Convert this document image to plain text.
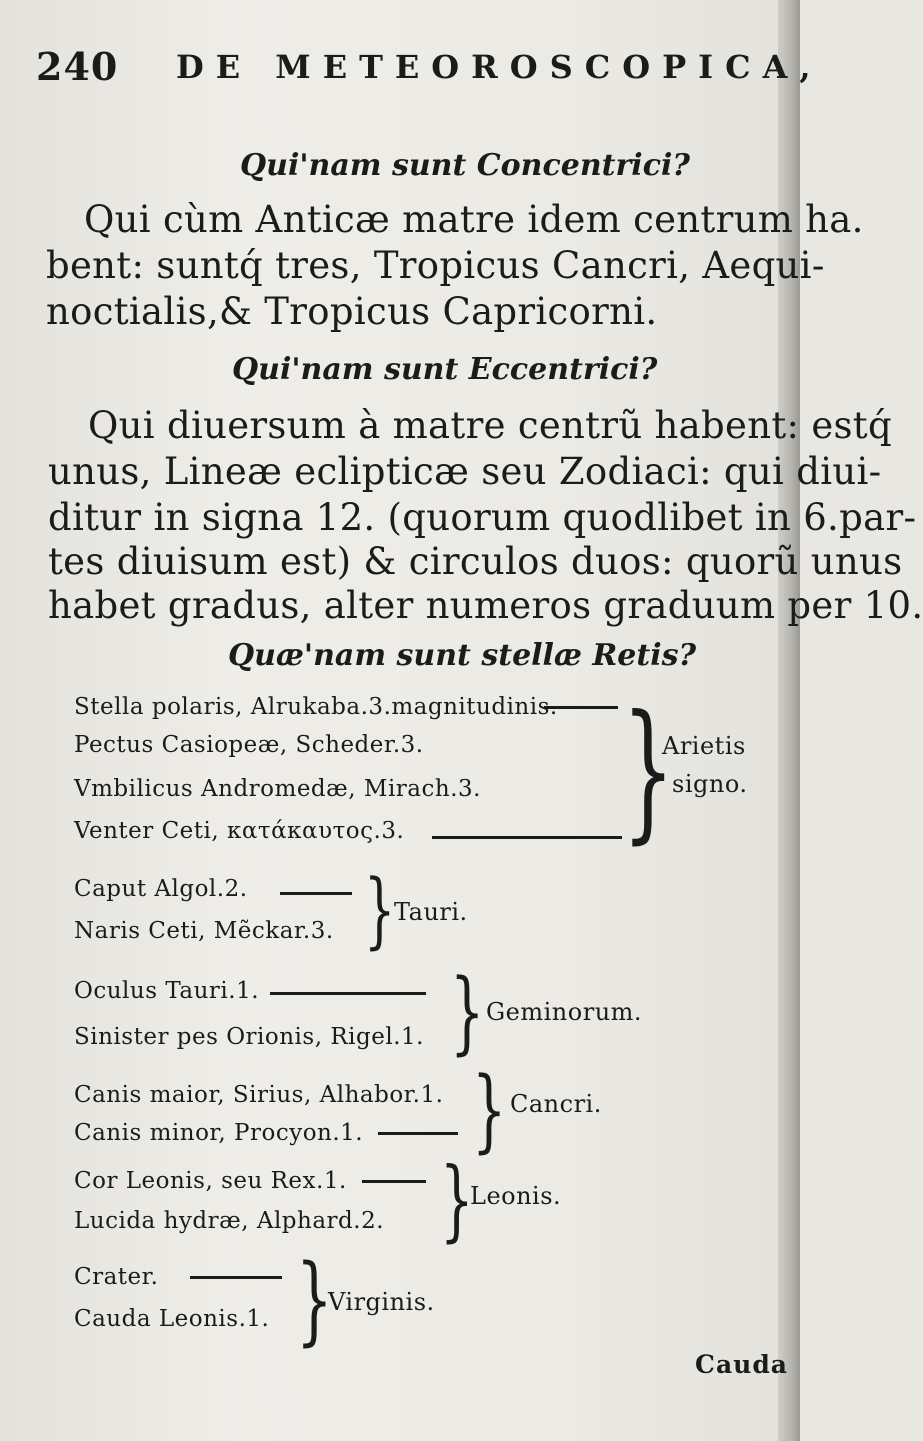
240 DE METEOROSCOPICA,
Qui'nam sunt Concentrici?
Qui cùm Anticæ matre idem centrum ha.
bent: suntq́ tres, Tropicus Cancri, Aequi-
noctialis,& Tropicus Capricorni.
Qui'nam sunt Eccentrici?
Qui diuersum à matre centrũ habent: estq́
unus, Lineæ eclipticæ seu Zodiaci: qui diui-
ditur in signa 12. (quorum quodlibet in 6.par-
tes diuisum est) & circulos duos: quorũ unus
habet gradus, alter numeros graduum per 10.
Quæ'nam sunt stellæ Retis?
Stella polaris, Alrukaba.3.magnitudinis.
Pectus Casiopeæ, Scheder.3.
Vmbilicus Andromedæ, Mirach.3.
Venter Ceti, κατάκαυτος.3. }
Arietis
signo.
Caput Algol.2.
Naris Ceti, Mẽckar.3. }
Tauri.
Oculus Tauri.1.
Sinister pes Orionis, Rigel.1. } Geminorum.
Canis maior, Sirius, Alhabor.1.
Canis minor, Procyon.1. } Cancri.
Cor Leonis, seu Rex.1.
Lucida hydræ, Alphard.2. }
Leonis.
Crater.
Cauda Leonis.1. }
Virginis.
Cauda
